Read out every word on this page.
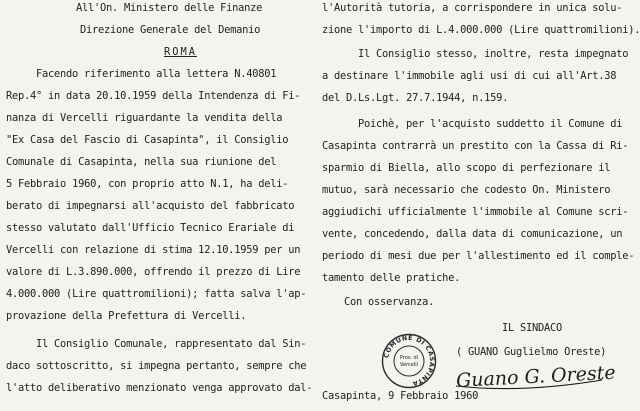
All'On. Ministero delle Finanze
Direzione Generale del Demanio
ROMA
Facendo riferimento alla lettera N.40801
Rep.4° in data 20.10.1959 della Intendenza di Fi-
nanza di Vercelli riguardante la vendita della
"Ex Casa del Fascio di Casapinta", il Consiglio
Comunale di Casapinta, nella sua riunione del
5 Febbraio 1960, con proprio atto N.1, ha deli-
berato di impegnarsi all'acquisto del fabbricato
stesso valutato dall'Ufficio Tecnico Erariale di
Vercelli con relazione di stima 12.10.1959 per un
valore di L.3.890.000, offrendo il prezzo di Lire
4.000.000 (Lire quattromilioni); fatta salva l'ap-
provazione della Prefettura di Vercelli.
Il Consiglio Comunale, rappresentato dal Sin-
daco sottoscritto, si impegna pertanto, sempre che
l'atto deliberativo menzionato venga approvato dal-
l'Autorità tutoria, a corrispondere in unica solu-
zione l'importo di L.4.000.000 (Lire quattromilioni).
Il Consiglio stesso, inoltre, resta impegnato
a destinare l'immobile agli usi di cui all'Art.38
del D.Ls.Lgt. 27.7.1944, n.159.
Poichè, per l'acquisto suddetto il Comune di
Casapinta contrarrà un prestito con la Cassa di Ri-
sparmio di Biella, allo scopo di perfezionare il
mutuo, sarà necessario che codesto On. Ministero
aggiudichi ufficialmente l'immobile al Comune scri-
vente, concedendo, dalla data di comunicazione, un
periodo di mesi due per l'allestimento ed il comple-
tamento delle pratiche.
Con osservanza.
IL SINDACO
( GUANO Guglielmo Oreste)
Casapinta, 9 Febbraio 1960
COMUNE DI CASAPINTA
Prov. di
Vercelli Guano G. Oreste
